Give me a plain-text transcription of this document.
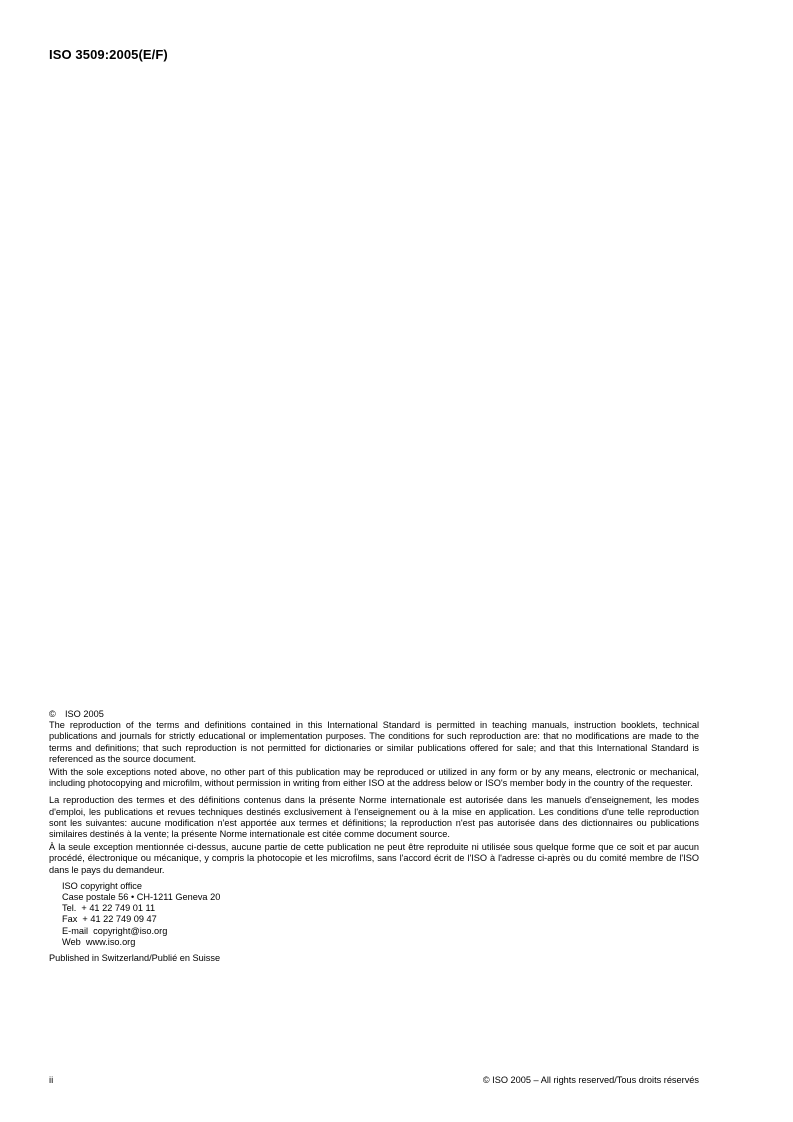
ISO 3509:2005(E/F)
© ISO 2005

The reproduction of the terms and definitions contained in this International Standard is permitted in teaching manuals, instruction booklets, technical publications and journals for strictly educational or implementation purposes. The conditions for such reproduction are: that no modifications are made to the terms and definitions; that such reproduction is not permitted for dictionaries or similar publications offered for sale; and that this International Standard is referenced as the source document.

With the sole exceptions noted above, no other part of this publication may be reproduced or utilized in any form or by any means, electronic or mechanical, including photocopying and microfilm, without permission in writing from either ISO at the address below or ISO's member body in the country of the requester.

La reproduction des termes et des définitions contenus dans la présente Norme internationale est autorisée dans les manuels d'enseignement, les modes d'emploi, les publications et revues techniques destinés exclusivement à l'enseignement ou à la mise en application. Les conditions d'une telle reproduction sont les suivantes: aucune modification n'est apportée aux termes et définitions; la reproduction n'est pas autorisée dans des dictionnaires ou publications similaires destinés à la vente; la présente Norme internationale est citée comme document source.

À la seule exception mentionnée ci-dessus, aucune partie de cette publication ne peut être reproduite ni utilisée sous quelque forme que ce soit et par aucun procédé, électronique ou mécanique, y compris la photocopie et les microfilms, sans l'accord écrit de l'ISO à l'adresse ci-après ou du comité membre de l'ISO dans le pays du demandeur.

ISO copyright office
Case postale 56 • CH-1211 Geneva 20
Tel.  + 41 22 749 01 11
Fax  + 41 22 749 09 47
E-mail  copyright@iso.org
Web  www.iso.org
Published in Switzerland/Publié en Suisse
ii	© ISO 2005 – All rights reserved/Tous droits réservés
